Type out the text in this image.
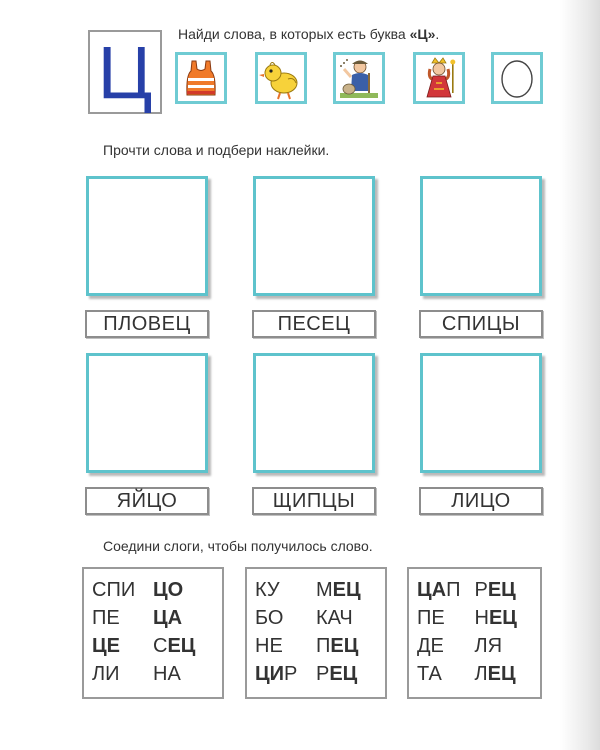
Ц Найди слова, в которых есть буква «Ц».

Прочти слова и подбери наклейки.

ПЛОВЕЦ	ПЕСЕЦ	СПИЦЫ
ЯЙЦО	ЩИПЦЫ	ЛИЦО

Соедини слоги, чтобы получилось слово.

СПИ ЦО
ПЕ	ЦА
ЦЕ	СЕЦ
ЛИ	НА
КУ	МЕЦ
БО	КАЧ
НЕ	ПЕЦ
ЦИР РЕЦ
ЦАП РЕЦ
ПЕ	НЕЦ
ДЕ	ЛЯ
ТА	ЛЕЦ
